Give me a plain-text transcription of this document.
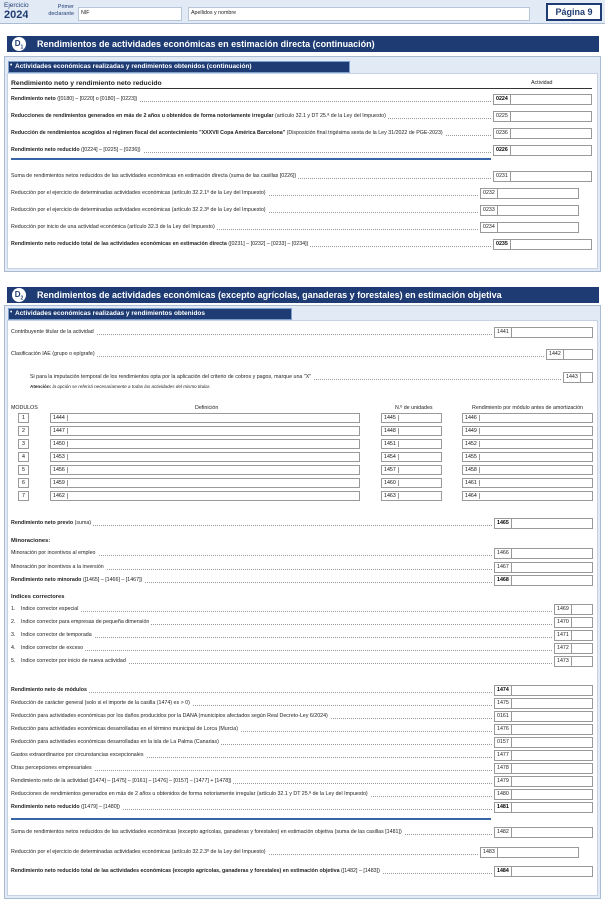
Ejercicio
2024
Primer declarante NIF	Apellidos y nombre	Página 9
Rendimientos de actividades económicas en estimación directa (continuación)
$D_1$
Actividades económicas realizadas y rendimientos obtenidos (continuación)
•
Rendimiento neto y rendimiento neto reducido	Actividad
Rendimientos de actividades económicas (excepto agrícolas, ganaderas y forestales) en estimación objetiva
$D_2$
Actividades económicas realizadas y rendimientos obtenidos
•
MÓDULOS	Definición	N.º de unidades	Rendimiento por módulo antes de amortización
Rendimiento neto ([0180] – [0220] o [0180] – [0223])	0224
Reducciones de rendimientos generados en más de 2 años u obtenidos de forma notoriamente irregular (artículo 32.1 y DT 25.ª de la Ley del Impuesto)	0225
Reducción de rendimientos acogidos al régimen fiscal del acontecimiento "XXXVII Copa América Barcelona" (Disposición final trigésima sexta de la Ley 31/2022 de PGE-2023)	0236
Rendimiento neto reducido ([0224] – [0225] – [0236])	0226
Suma de rendimientos netos reducidos de las actividades económicas en estimación directa (suma de las casillas [0226])	0231
Reducción por el ejercicio de determinadas actividades económicas (artículo 32.2.1º de la Ley del Impuesto)	0232
Reducción por el ejercicio de determinadas actividades económicas (artículo 32.2.3º de la Ley del Impuesto)	0233
Reducción por inicio de una actividad económica (artículo 32.3 de la Ley del Impuesto)	0234
Rendimiento neto reducido total de las actividades económicas en estimación directa ([0231] – [0232] – [0233] – [0234])	0235
Contribuyente titular de la actividad	1441
Clasificación IAE (grupo o epígrafe)	1442
Si para la imputación temporal de los rendimientos opta por la aplicación del criterio de cobros y pagos, marque una "X"	1443
Atención: la opción se referirá necesariamente a todas las actividades del mismo titular.
1	1444	1445	1446
2	1447	1448	1449
3	1450	1451	1452
4	1453	1454	1455
5	1456	1457	1458
6	1459	1460	1461
7	1462	1463	1464
Rendimiento neto previo (suma)	1465
Minoraciones:
Minoración por incentivos al empleo	1466
Minoración por incentivos a la inversión	1467
Rendimiento neto minorado ([1465] – [1466] – [1467])	1468
Índices correctores
1. Índice corrector especial	1469
2. Índice corrector para empresas de pequeña dimensión	1470
3. Índice corrector de temporada	1471
4. Índice corrector de exceso	1472
5. Índice corrector por inicio de nueva actividad	1473
Rendimiento neto de módulos	1474
Reducción de carácter general (solo si el importe de la casilla (1474) es > 0)	1475
Reducción para actividades económicas por los daños producidos por la DANA (municipios afectados según Real Decreto-Ley 6/2024)	0161
Reducción para actividades económicas desarrolladas en el término municipal de Lorca (Murcia)	1476
Reducción para actividades económicas desarrolladas en la isla de La Palma (Canarias)	0157
Gastos extraordinarios por circunstancias excepcionales	1477
Otras percepciones empresariales	1478
Rendimiento neto de la actividad ([1474] – [1475] – [0161] – [1476] – [0157] – [1477] + [1478])	1479
Reducciones de rendimientos generados en más de 2 años u obtenidos de forma notoriamente irregular (artículo 32.1 y DT 25.ª de la Ley del Impuesto)	1480
Rendimiento neto reducido ([1479] – [1480])	1481
Suma de rendimientos netos reducidos de las actividades económicas (excepto agrícolas, ganaderas y forestales) en estimación objetiva (suma de las casillas [1481])	1482
Reducción por el ejercicio de determinadas actividades económicas (artículo 32.2.3º de la Ley del Impuesto)	1483
Rendimiento neto reducido total de las actividades económicas (excepto agrícolas, ganaderas y forestales) en estimación objetiva ([1482] – [1483])	1484
